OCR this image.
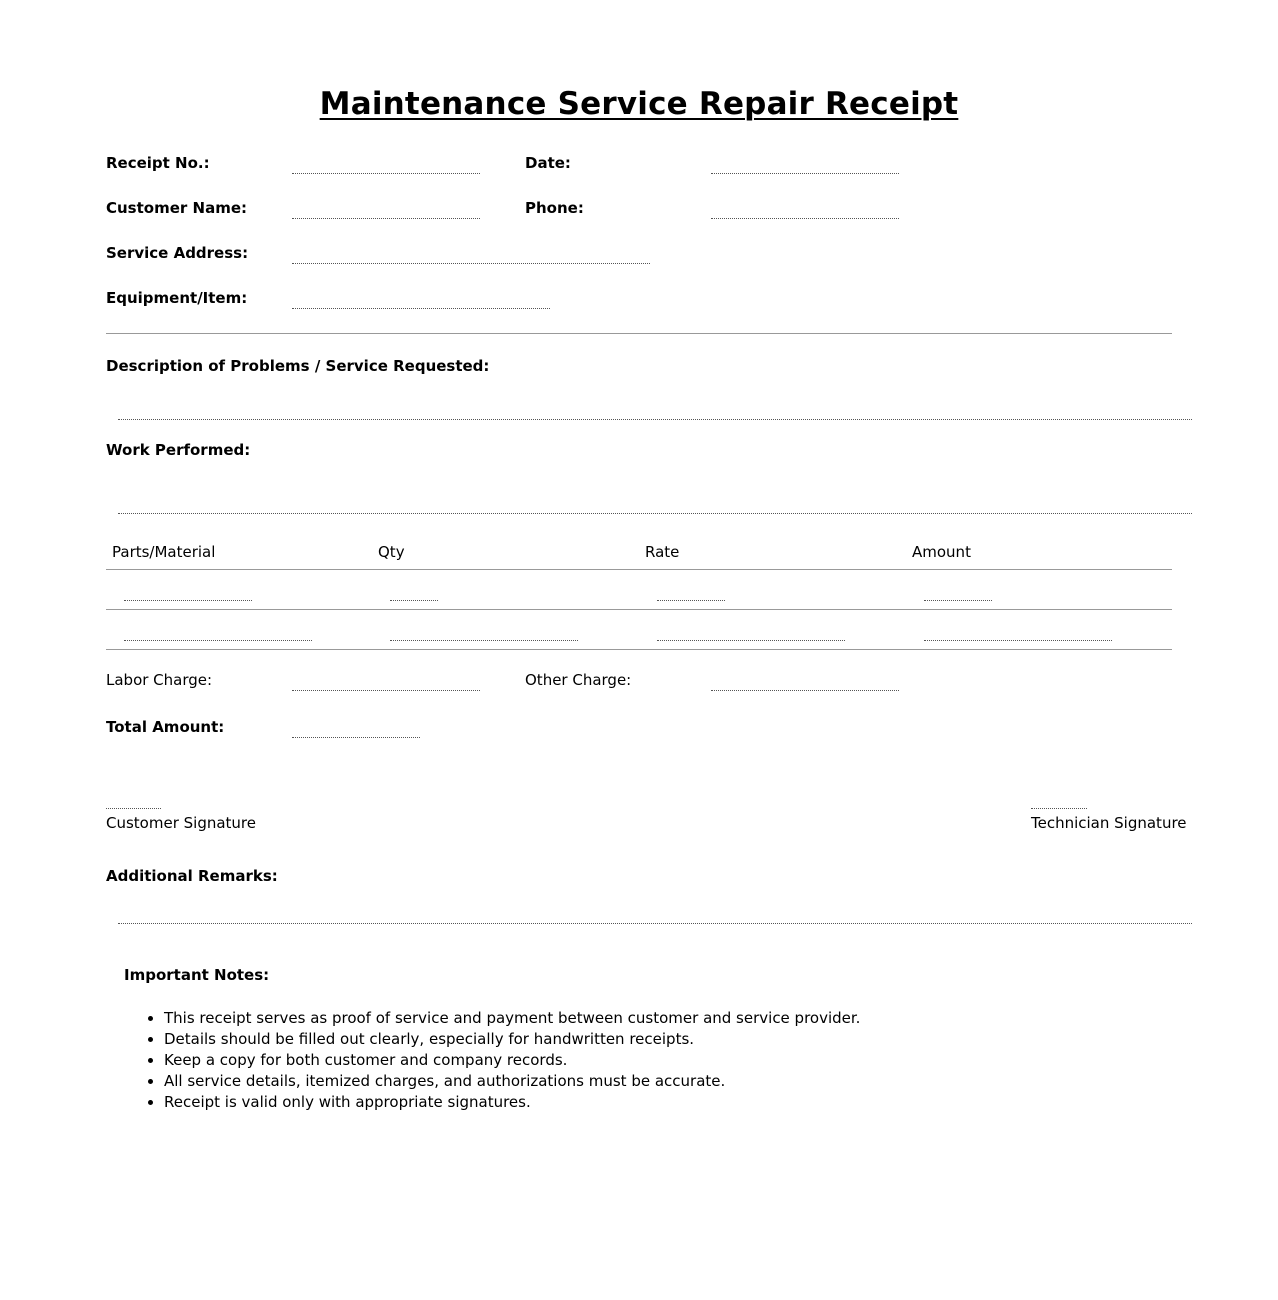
Maintenance Service Repair Receipt
Receipt No.:	Date:
Customer Name:	Phone:
Service Address:
Equipment/Item:
Description of Problems / Service Requested:
Work Performed:
Parts/Material	Qty	Rate	Amount
Labor Charge:	Other Charge:
Total Amount:
Customer Signature	Technician Signature
Additional Remarks:
Important Notes:
• This receipt serves as proof of service and payment between customer and service provider.
• Details should be filled out clearly, especially for handwritten receipts.
• Keep a copy for both customer and company records.
• All service details, itemized charges, and authorizations must be accurate.
• Receipt is valid only with appropriate signatures.
